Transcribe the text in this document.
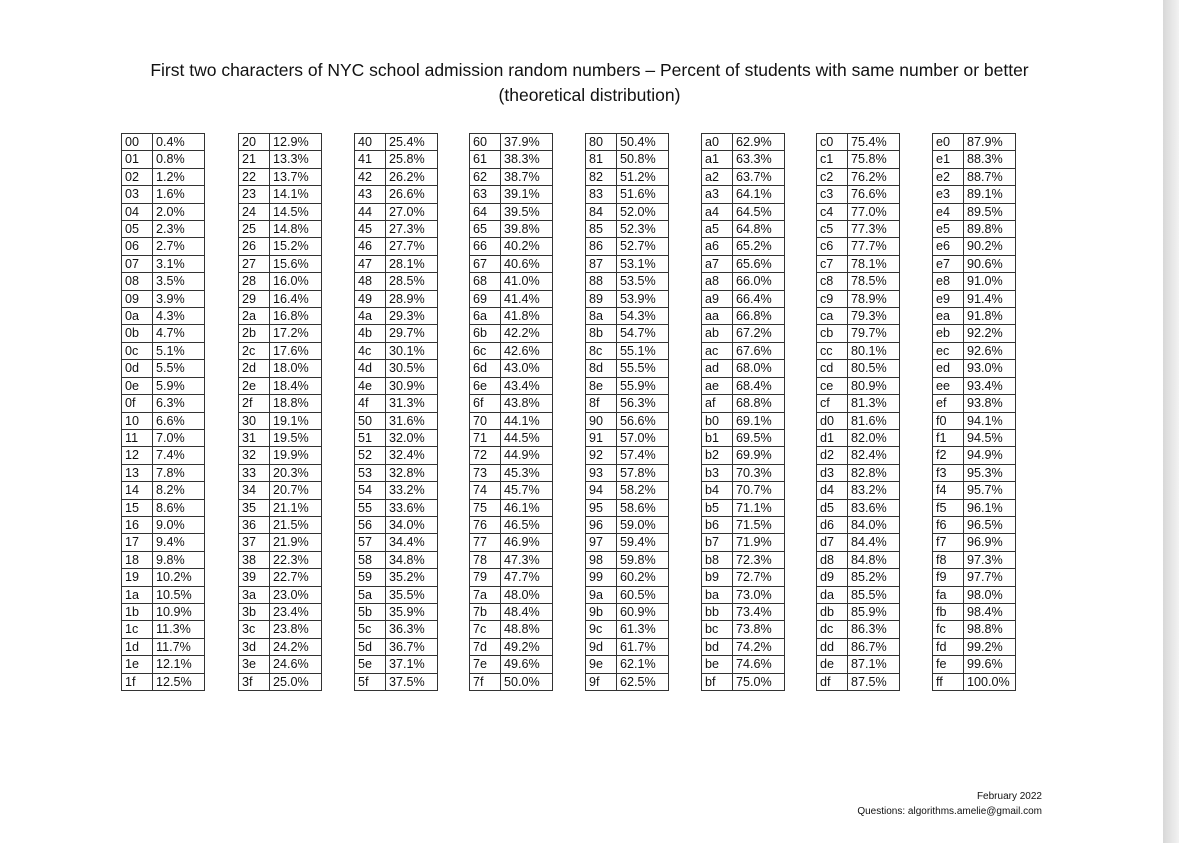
First two characters of NYC school admission random numbers – Percent of students with same number or better
(theoretical distribution)
00	0.4%
01	0.8%
02	1.2%
03	1.6%
04	2.0%
05	2.3%
06	2.7%
07	3.1%
08	3.5%
09	3.9%
0a	4.3%
0b	4.7%
0c	5.1%
0d	5.5%
0e	5.9%
0f	6.3%
10	6.6%
11	7.0%
12	7.4%
13	7.8%
14	8.2%
15	8.6%
16	9.0%
17	9.4%
18	9.8%
19	10.2%
1a	10.5%
1b	10.9%
1c	11.3%
1d	11.7%
1e	12.1%
1f	12.5%
20	12.9%
21	13.3%
22	13.7%
23	14.1%
24	14.5%
25	14.8%
26	15.2%
27	15.6%
28	16.0%
29	16.4%
2a	16.8%
2b	17.2%
2c	17.6%
2d	18.0%
2e	18.4%
2f	18.8%
30	19.1%
31	19.5%
32	19.9%
33	20.3%
34	20.7%
35	21.1%
36	21.5%
37	21.9%
38	22.3%
39	22.7%
3a	23.0%
3b	23.4%
3c	23.8%
3d	24.2%
3e	24.6%
3f	25.0%
40	25.4%
41	25.8%
42	26.2%
43	26.6%
44	27.0%
45	27.3%
46	27.7%
47	28.1%
48	28.5%
49	28.9%
4a	29.3%
4b	29.7%
4c	30.1%
4d	30.5%
4e	30.9%
4f	31.3%
50	31.6%
51	32.0%
52	32.4%
53	32.8%
54	33.2%
55	33.6%
56	34.0%
57	34.4%
58	34.8%
59	35.2%
5a	35.5%
5b	35.9%
5c	36.3%
5d	36.7%
5e	37.1%
5f	37.5%
60	37.9%
61	38.3%
62	38.7%
63	39.1%
64	39.5%
65	39.8%
66	40.2%
67	40.6%
68	41.0%
69	41.4%
6a	41.8%
6b	42.2%
6c	42.6%
6d	43.0%
6e	43.4%
6f	43.8%
70	44.1%
71	44.5%
72	44.9%
73	45.3%
74	45.7%
75	46.1%
76	46.5%
77	46.9%
78	47.3%
79	47.7%
7a	48.0%
7b	48.4%
7c	48.8%
7d	49.2%
7e	49.6%
7f	50.0%
80	50.4%
81	50.8%
82	51.2%
83	51.6%
84	52.0%
85	52.3%
86	52.7%
87	53.1%
88	53.5%
89	53.9%
8a	54.3%
8b	54.7%
8c	55.1%
8d	55.5%
8e	55.9%
8f	56.3%
90	56.6%
91	57.0%
92	57.4%
93	57.8%
94	58.2%
95	58.6%
96	59.0%
97	59.4%
98	59.8%
99	60.2%
9a	60.5%
9b	60.9%
9c	61.3%
9d	61.7%
9e	62.1%
9f	62.5%
a0	62.9%
a1	63.3%
a2	63.7%
a3	64.1%
a4	64.5%
a5	64.8%
a6	65.2%
a7	65.6%
a8	66.0%
a9	66.4%
aa	66.8%
ab	67.2%
ac	67.6%
ad	68.0%
ae	68.4%
af	68.8%
b0	69.1%
b1	69.5%
b2	69.9%
b3	70.3%
b4	70.7%
b5	71.1%
b6	71.5%
b7	71.9%
b8	72.3%
b9	72.7%
ba	73.0%
bb	73.4%
bc	73.8%
bd	74.2%
be	74.6%
bf	75.0%
c0	75.4%
c1	75.8%
c2	76.2%
c3	76.6%
c4	77.0%
c5	77.3%
c6	77.7%
c7	78.1%
c8	78.5%
c9	78.9%
ca	79.3%
cb	79.7%
cc	80.1%
cd	80.5%
ce	80.9%
cf	81.3%
d0	81.6%
d1	82.0%
d2	82.4%
d3	82.8%
d4	83.2%
d5	83.6%
d6	84.0%
d7	84.4%
d8	84.8%
d9	85.2%
da	85.5%
db	85.9%
dc	86.3%
dd	86.7%
de	87.1%
df	87.5%
e0	87.9%
e1	88.3%
e2	88.7%
e3	89.1%
e4	89.5%
e5	89.8%
e6	90.2%
e7	90.6%
e8	91.0%
e9	91.4%
ea	91.8%
eb	92.2%
ec	92.6%
ed	93.0%
ee	93.4%
ef	93.8%
f0	94.1%
f1	94.5%
f2	94.9%
f3	95.3%
f4	95.7%
f5	96.1%
f6	96.5%
f7	96.9%
f8	97.3%
f9	97.7%
fa	98.0%
fb	98.4%
fc	98.8%
fd	99.2%
fe	99.6%
ff	100.0%
February 2022
Questions: algorithms.amelie@gmail.com
